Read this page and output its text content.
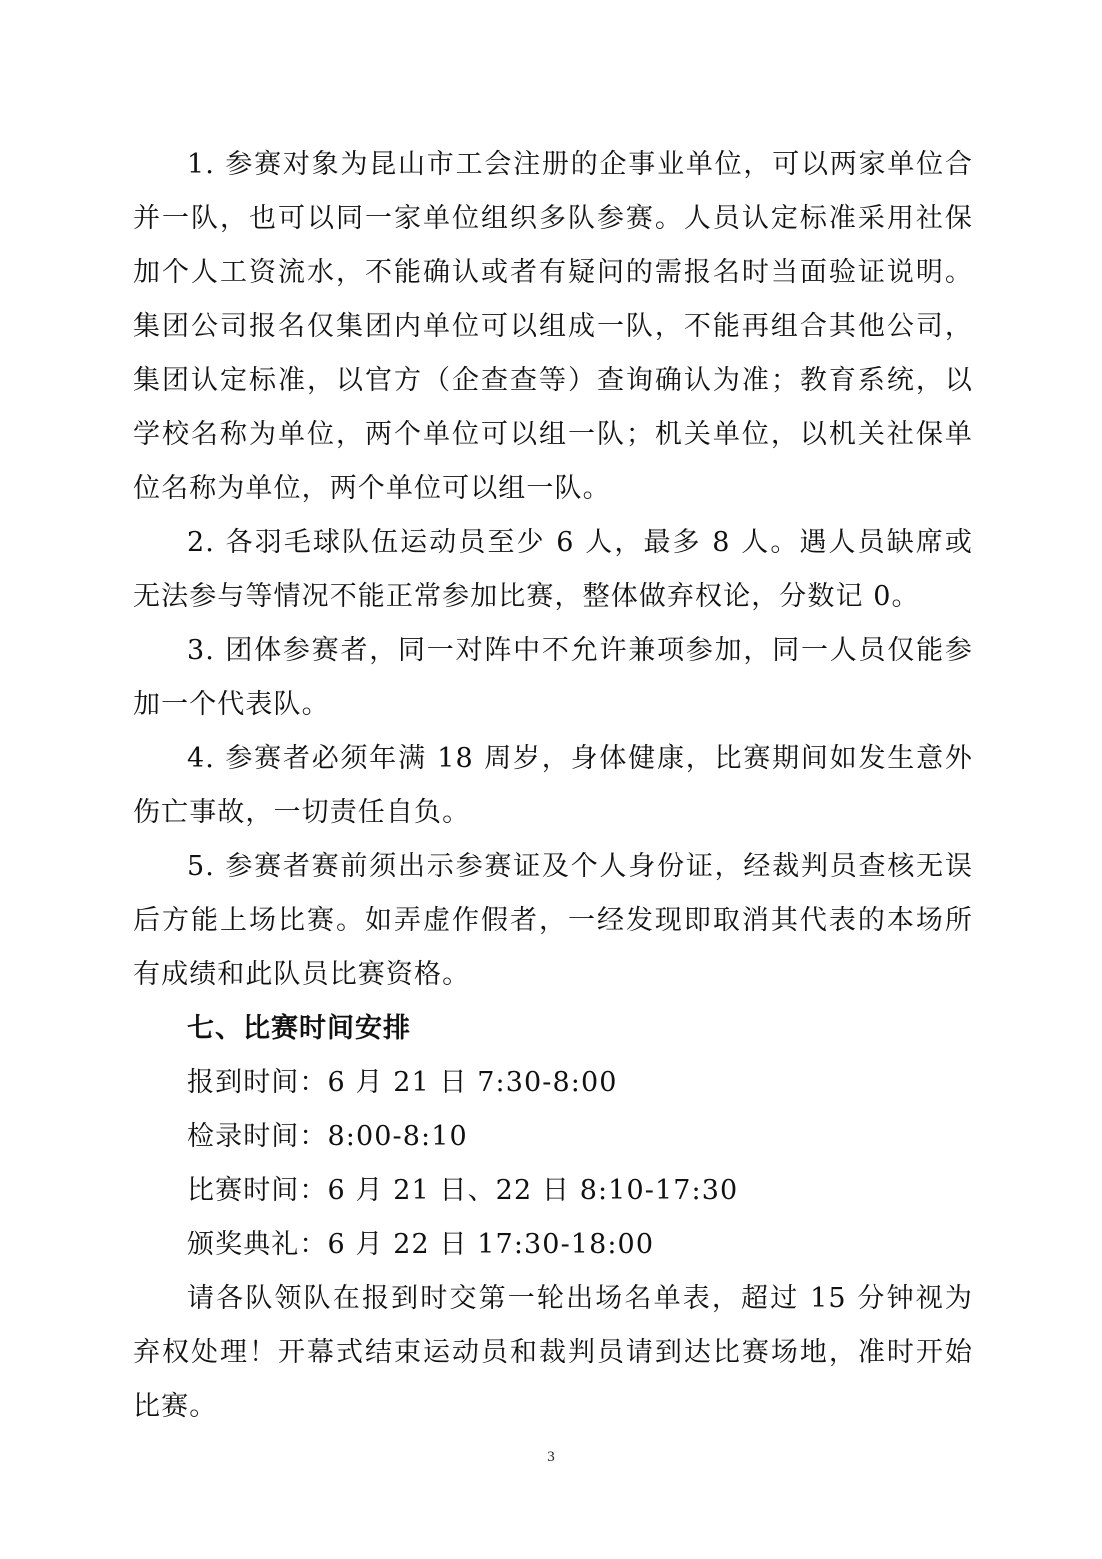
1. 参赛对象为昆山市工会注册的企事业单位，可以两家单位合并一队，也可以同一家单位组织多队参赛。人员认定标准采用社保加个人工资流水，不能确认或者有疑问的需报名时当面验证说明。集团公司报名仅集团内单位可以组成一队，不能再组合其他公司，集团认定标准，以官方（企查查等）查询确认为准；教育系统，以学校名称为单位，两个单位可以组一队；机关单位，以机关社保单位名称为单位，两个单位可以组一队。

2. 各羽毛球队伍运动员至少 6 人，最多 8 人。遇人员缺席或无法参与等情况不能正常参加比赛，整体做弃权论，分数记 0。

3. 团体参赛者，同一对阵中不允许兼项参加，同一人员仅能参加一个代表队。

4. 参赛者必须年满 18 周岁，身体健康，比赛期间如发生意外伤亡事故，一切责任自负。

5. 参赛者赛前须出示参赛证及个人身份证，经裁判员查核无误后方能上场比赛。如弄虚作假者，一经发现即取消其代表的本场所有成绩和此队员比赛资格。

七、比赛时间安排

报到时间：6 月 21 日 7:30-8:00

检录时间：8:00-8:10

比赛时间：6 月 21 日、22 日 8:10-17:30

颁奖典礼：6 月 22 日 17:30-18:00

请各队领队在报到时交第一轮出场名单表，超过 15 分钟视为弃权处理！开幕式结束运动员和裁判员请到达比赛场地，准时开始比赛。

3
